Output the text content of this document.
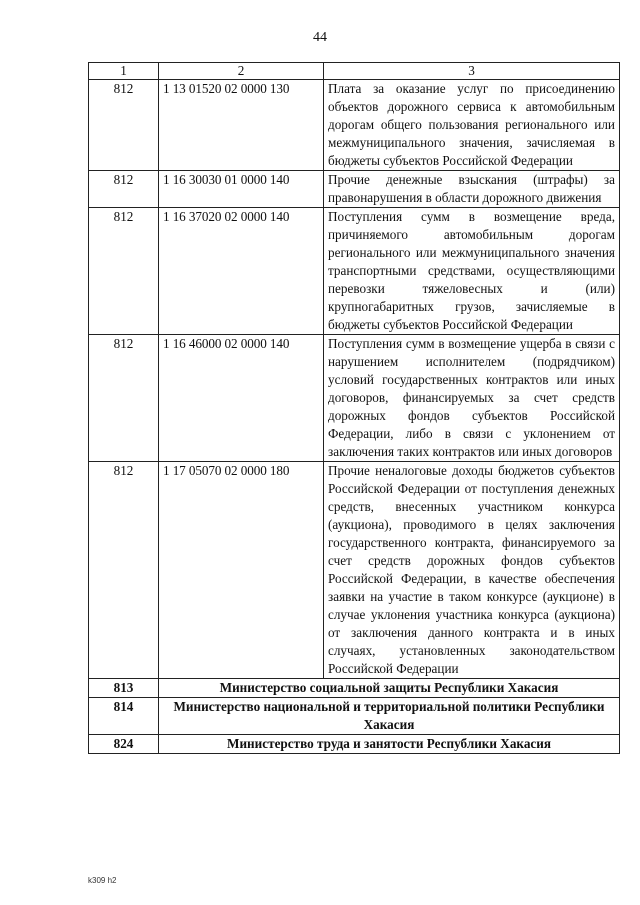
44
1	2	3
812	1 13 01520 02 0000 130	Плата за оказание услуг по присоединению объектов дорожного сервиса к автомобильным дорогам общего пользования регионального или межмуниципального значения, зачисляемая в бюджеты субъектов Российской Федерации
812	1 16 30030 01 0000 140	Прочие денежные взыскания (штрафы) за правонарушения в области дорожного движения
812	1 16 37020 02 0000 140	Поступления сумм в возмещение вреда, причиняемого автомобильным дорогам регионального или межмуниципального значения транспортными средствами, осуществляющими перевозки тяжеловесных и (или) крупногабаритных грузов, зачисляемые в бюджеты субъектов Российской Федерации
812	1 16 46000 02 0000 140	Поступления сумм в возмещение ущерба в связи с нарушением исполнителем (подрядчиком) условий государственных контрактов или иных договоров, финансируемых за счет средств дорожных фондов субъектов Российской Федерации, либо в связи с уклонением от заключения таких контрактов или иных договоров
812	1 17 05070 02 0000 180	Прочие неналоговые доходы бюджетов субъектов Российской Федерации от поступления денежных средств, внесенных участником конкурса (аукциона), проводимого в целях заключения государственного контракта, финансируемого за счет средств дорожных фондов субъектов Российской Федерации, в качестве обеспечения заявки на участие в таком конкурсе (аукционе) в случае уклонения участника конкурса (аукциона) от заключения данного контракта и в иных случаях, установленных законодательством Российской Федерации
813	Министерство социальной защиты Республики Хакасия	
814	Министерство национальной и территориальной политики Республики Хакасия	
824	Министерство труда и занятости Республики Хакасия	
k309 h2
